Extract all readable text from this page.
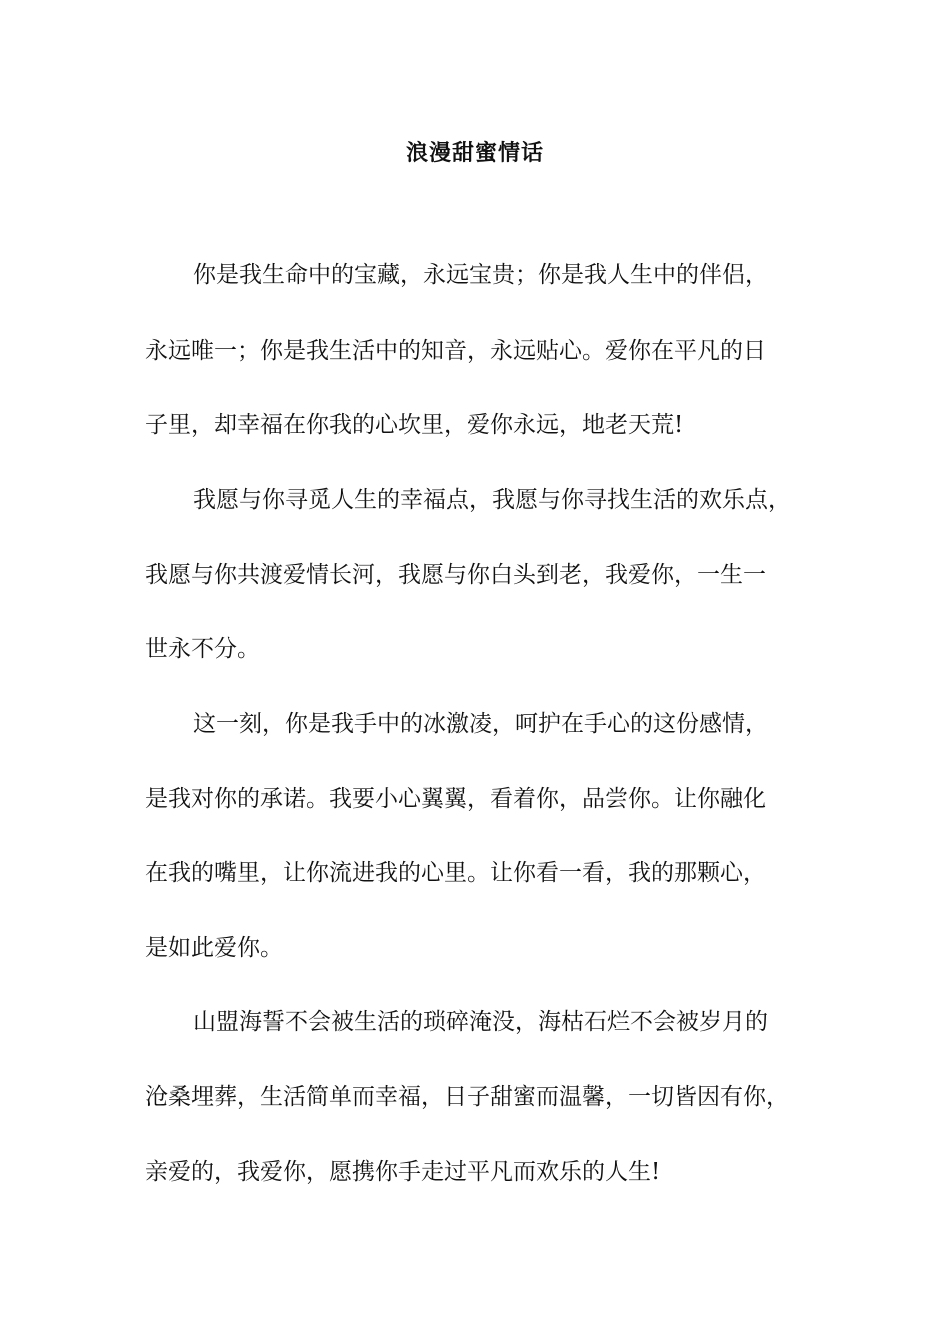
浪漫甜蜜情话

你是我生命中的宝藏，永远宝贵；你是我人生中的伴侣，

永远唯一；你是我生活中的知音，永远贴心。爱你在平凡的日

子里，却幸福在你我的心坎里，爱你永远，地老天荒!

我愿与你寻觅人生的幸福点，我愿与你寻找生活的欢乐点，

我愿与你共渡爱情长河，我愿与你白头到老，我爱你，一生一

世永不分。

这一刻，你是我手中的冰激凌，呵护在手心的这份感情，

是我对你的承诺。我要小心翼翼，看着你，品尝你。让你融化

在我的嘴里，让你流进我的心里。让你看一看，我的那颗心，

是如此爱你。

山盟海誓不会被生活的琐碎淹没，海枯石烂不会被岁月的

沧桑埋葬，生活简单而幸福，日子甜蜜而温馨，一切皆因有你，

亲爱的，我爱你，愿携你手走过平凡而欢乐的人生!
